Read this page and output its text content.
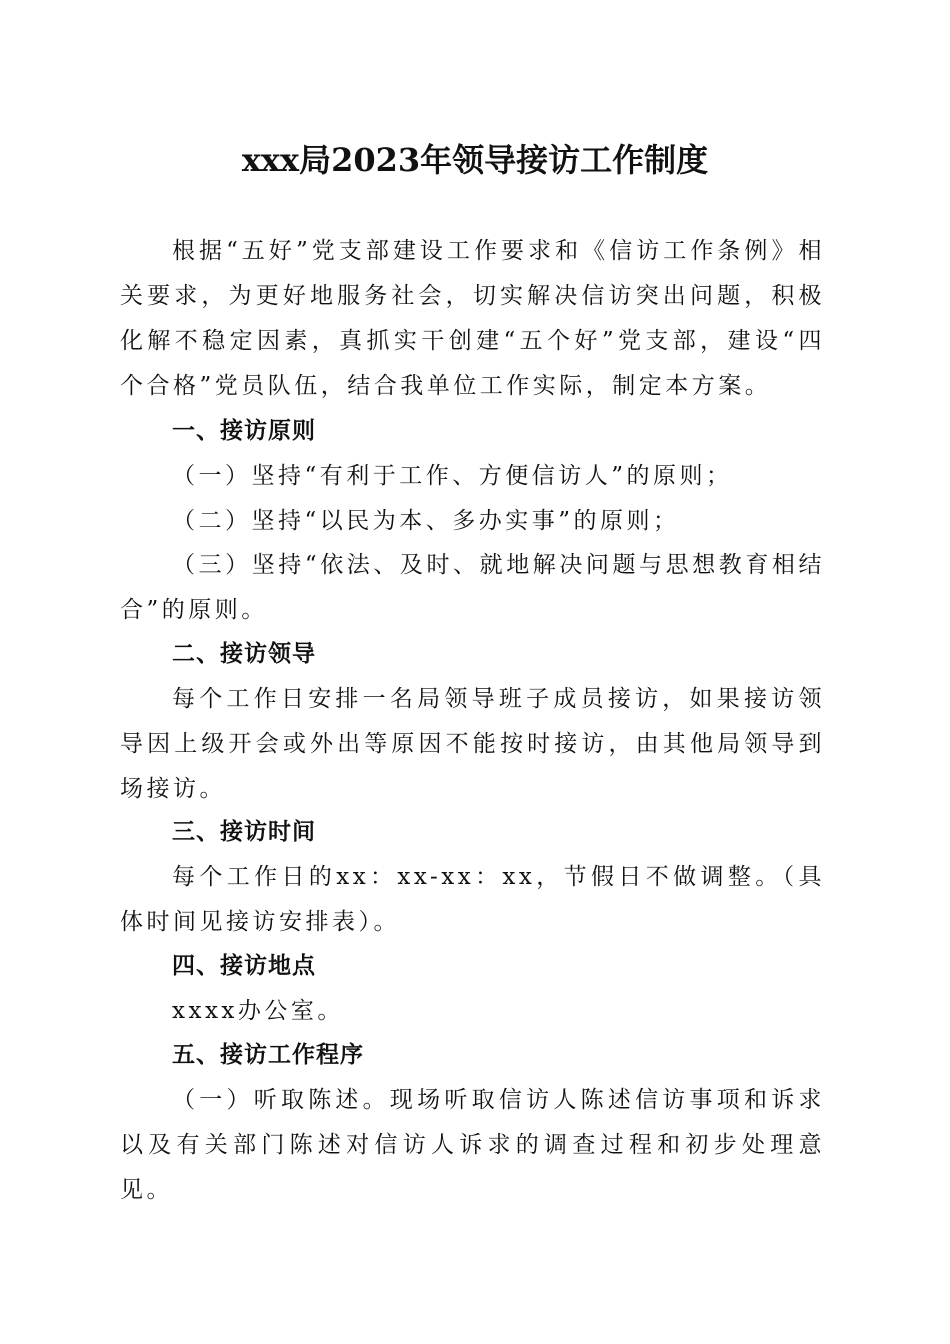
xxx局2023年领导接访工作制度
根据“五好”党支部建设工作要求和《信访工作条例》相关要求，为更好地服务社会，切实解决信访突出问题，积极化解不稳定因素，真抓实干创建“五个好”党支部，建设“四个合格”党员队伍，结合我单位工作实际，制定本方案。
一、接访原则
（一）坚持“有利于工作、方便信访人”的原则；
（二）坚持“以民为本、多办实事”的原则；
（三）坚持“依法、及时、就地解决问题与思想教育相结合”的原则。
二、接访领导
每个工作日安排一名局领导班子成员接访，如果接访领导因上级开会或外出等原因不能按时接访，由其他局领导到场接访。
三、接访时间
每个工作日的xx：xx-xx：xx，节假日不做调整。（具体时间见接访安排表）。
四、接访地点
xxxx办公室。
五、接访工作程序
（一）听取陈述。现场听取信访人陈述信访事项和诉求以及有关部门陈述对信访人诉求的调查过程和初步处理意见。
